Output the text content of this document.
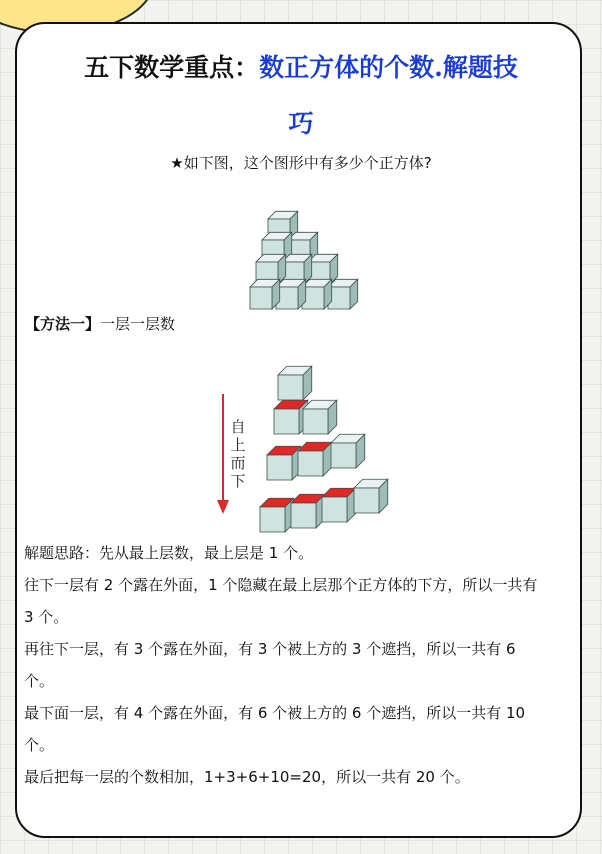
五下数学重点：数正方体的个数.解题技
巧
★如下图，这个图形中有多少个正方体?
自
上
而
下
【方法一】一层一层数

解题思路：先从最上层数，最上层是 1 个。

往下一层有 2 个露在外面，1 个隐藏在最上层那个正方体的下方，所以一共有 3 个。

再往下一层，有 3 个露在外面，有 3 个被上方的 3 个遮挡，所以一共有 6 个。

最下面一层，有 4 个露在外面，有 6 个被上方的 6 个遮挡，所以一共有 10 个。

最后把每一层的个数相加，1+3+6+10=20，所以一共有 20 个。
